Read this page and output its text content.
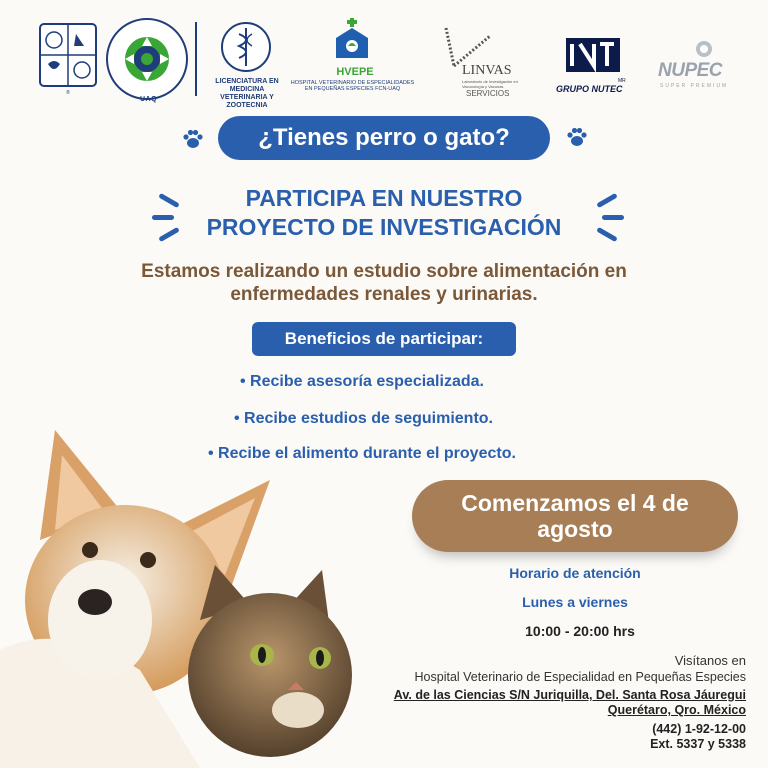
®
UAQ
LICENCIATURA EN MEDICINA VETERINARIA Y ZOOTECNIA
HVEPE
HOSPITAL VETERINARIO DE ESPECIALIDADES EN PEQUEÑAS ESPECIES FCN-UAQ
LINVAS
Laboratorio de Investigación en Vacunología y Vacunas
SERVICIOS	GRUPO NUTEC
MR NUPEC
SUPER PREMIUM
¿Tienes perro o gato?
PARTICIPA EN NUESTRO
PROYECTO DE INVESTIGACIÓN
Estamos realizando un estudio sobre alimentación en
enfermedades renales y urinarias.
Beneficios de participar:
• Recibe asesoría especializada.
• Recibe estudios de seguimiento.
• Recibe el alimento durante el proyecto.
Comenzamos el 4 de
agosto
Horario de atención
Lunes a viernes
10:00 - 20:00 hrs
Visítanos en
Hospital Veterinario de Especialidad en Pequeñas Especies
Av. de las Ciencias S/N Juriquilla, Del. Santa Rosa Jáuregui
Querétaro, Qro. México
(442) 1-92-12-00
Ext. 5337 y 5338
